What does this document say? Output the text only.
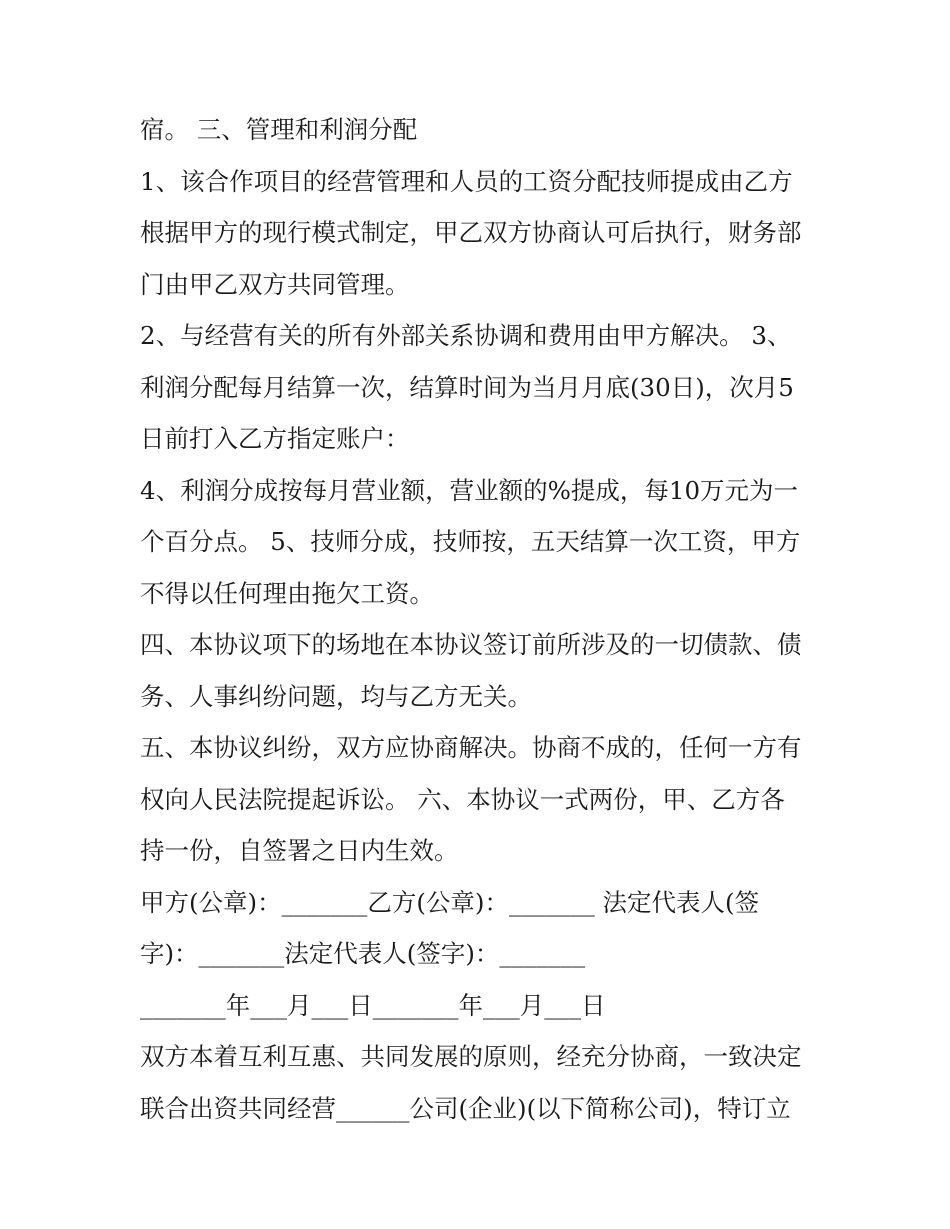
宿。 三、管理和利润分配
1、该合作项目的经营管理和人员的工资分配技师提成由乙方
根据甲方的现行模式制定，甲乙双方协商认可后执行，财务部
门由甲乙双方共同管理。
2、与经营有关的所有外部关系协调和费用由甲方解决。 3、
利润分配每月结算一次，结算时间为当月月底(30日)，次月5
日前打入乙方指定账户：
4、利润分成按每月营业额，营业额的%提成，每10万元为一
个百分点。 5、技师分成，技师按，五天结算一次工资，甲方
不得以任何理由拖欠工资。
四、本协议项下的场地在本协议签订前所涉及的一切债款、债
务、人事纠纷问题，均与乙方无关。
五、本协议纠纷，双方应协商解决。协商不成的，任何一方有
权向人民法院提起诉讼。 六、本协议一式两份，甲、乙方各
持一份，自签署之日内生效。
甲方(公章)：_______乙方(公章)：_______ 法定代表人(签
字)：_______法定代表人(签字)：_______
_______年___月___日_______年___月___日
双方本着互利互惠、共同发展的原则，经充分协商，一致决定
联合出资共同经营______公司(企业)(以下简称公司)，特订立
